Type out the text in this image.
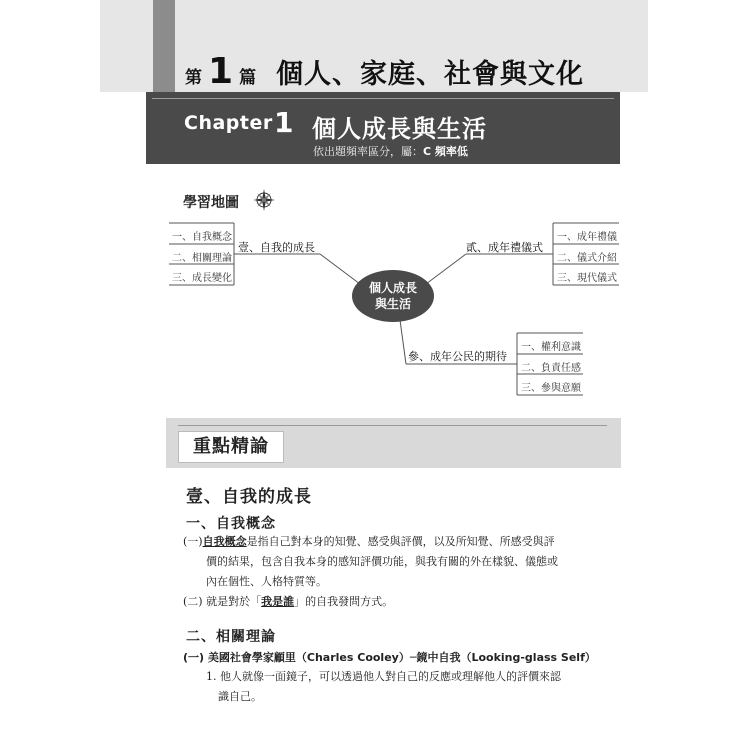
第 1 篇 個人、家庭、社會與文化
Chapter 1 個人成長與生活
依出題頻率區分，屬：C 頻率低
學習地圖
一、自我概念
二、相關理論
三、成長變化
壹、自我的成長
一、成年禮儀
二、儀式介紹
三、現代儀式
貳、成年禮儀式
一、權利意識
二、負責任感
三、參與意願
參、成年公民的期待
個人成長
與生活
重點精論
壹、自我的成長
一、自我概念
(一)自我概念是指自己對本身的知覺、感受與評價，以及所知覺、所感受與評
價的結果，包含自我本身的感知評價功能，與我有關的外在樣貌、儀態或
內在個性、人格特質等。
(二) 就是對於「我是誰」的自我發問方式。
二、相關理論
(一) 美國社會學家顧里（Charles Cooley）─鏡中自我（Looking-glass Self）
1. 他人就像一面鏡子，可以透過他人對自己的反應或理解他人的評價來認
識自己。
